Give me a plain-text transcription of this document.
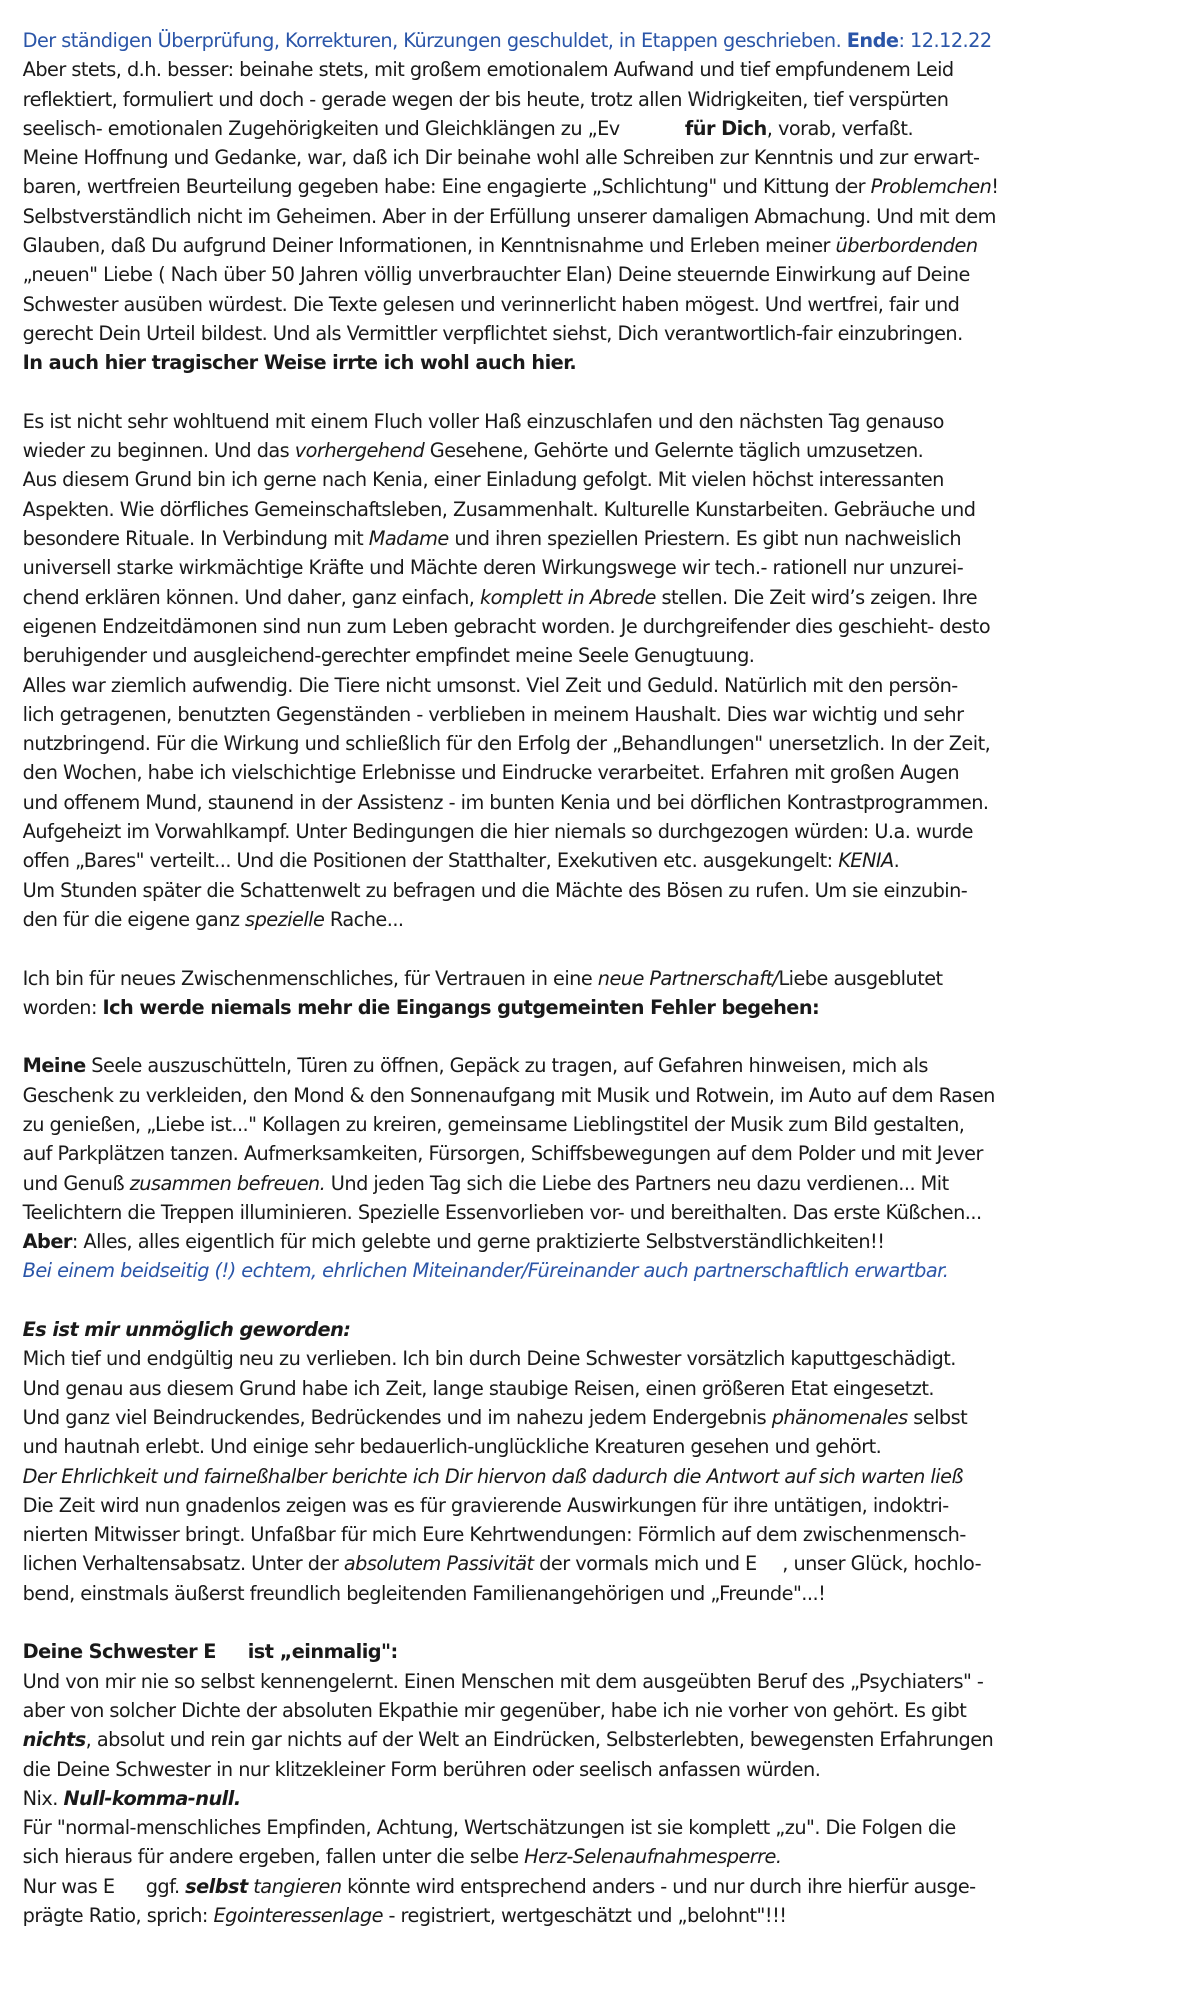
Der ständigen Überprüfung, Korrekturen, Kürzungen geschuldet, in Etappen geschrieben. Ende: 12.12.22
Aber stets, d.h. besser: beinahe stets, mit großem emotionalem Aufwand und tief empfundenem Leid
reflektiert, formuliert und doch - gerade wegen der bis heute, trotz allen Widrigkeiten, tief verspürten
seelisch- emotionalen Zugehörigkeiten und Gleichklängen zu „Ev	für Dich, vorab, verfaßt.
Meine Hoffnung und Gedanke, war, daß ich Dir beinahe wohl alle Schreiben zur Kenntnis und zur erwart-
baren, wertfreien Beurteilung gegeben habe: Eine engagierte „Schlichtung" und Kittung der Problemchen!
Selbstverständlich nicht im Geheimen. Aber in der Erfüllung unserer damaligen Abmachung. Und mit dem
Glauben, daß Du aufgrund Deiner Informationen, in Kenntnisnahme und Erleben meiner überbordenden
„neuen" Liebe ( Nach über 50 Jahren völlig unverbrauchter Elan) Deine steuernde Einwirkung auf Deine
Schwester ausüben würdest. Die Texte gelesen und verinnerlicht haben mögest. Und wertfrei, fair und
gerecht Dein Urteil bildest. Und als Vermittler verpflichtet siehst, Dich verantwortlich-fair einzubringen.
In auch hier tragischer Weise irrte ich wohl auch hier.
Es ist nicht sehr wohltuend mit einem Fluch voller Haß einzuschlafen und den nächsten Tag genauso
wieder zu beginnen. Und das vorhergehend Gesehene, Gehörte und Gelernte täglich umzusetzen.
Aus diesem Grund bin ich gerne nach Kenia, einer Einladung gefolgt. Mit vielen höchst interessanten
Aspekten. Wie dörfliches Gemeinschaftsleben, Zusammenhalt. Kulturelle Kunstarbeiten. Gebräuche und
besondere Rituale. In Verbindung mit Madame und ihren speziellen Priestern. Es gibt nun nachweislich
universell starke wirkmächtige Kräfte und Mächte deren Wirkungswege wir tech.- rationell nur unzurei-
chend erklären können. Und daher, ganz einfach, komplett in Abrede stellen. Die Zeit wird’s zeigen. Ihre
eigenen Endzeitdämonen sind nun zum Leben gebracht worden. Je durchgreifender dies geschieht- desto
beruhigender und ausgleichend-gerechter empfindet meine Seele Genugtuung.
Alles war ziemlich aufwendig. Die Tiere nicht umsonst. Viel Zeit und Geduld. Natürlich mit den persön-
lich getragenen, benutzten Gegenständen - verblieben in meinem Haushalt. Dies war wichtig und sehr
nutzbringend. Für die Wirkung und schließlich für den Erfolg der „Behandlungen" unersetzlich. In der Zeit,
den Wochen, habe ich vielschichtige Erlebnisse und Eindrucke verarbeitet. Erfahren mit großen Augen
und offenem Mund, staunend in der Assistenz - im bunten Kenia und bei dörflichen Kontrastprogrammen.
Aufgeheizt im Vorwahlkampf. Unter Bedingungen die hier niemals so durchgezogen würden: U.a. wurde
offen „Bares" verteilt... Und die Positionen der Statthalter, Exekutiven etc. ausgekungelt: KENIA.
Um Stunden später die Schattenwelt zu befragen und die Mächte des Bösen zu rufen. Um sie einzubin-
den für die eigene ganz spezielle Rache...
Ich bin für neues Zwischenmenschliches, für Vertrauen in eine neue Partnerschaft/Liebe ausgeblutet
worden: Ich werde niemals mehr die Eingangs gutgemeinten Fehler begehen:
Meine Seele auszuschütteln, Türen zu öffnen, Gepäck zu tragen, auf Gefahren hinweisen, mich als
Geschenk zu verkleiden, den Mond & den Sonnenaufgang mit Musik und Rotwein, im Auto auf dem Rasen
zu genießen, „Liebe ist..." Kollagen zu kreiren, gemeinsame Lieblingstitel der Musik zum Bild gestalten,
auf Parkplätzen tanzen. Aufmerksamkeiten, Fürsorgen, Schiffsbewegungen auf dem Polder und mit Jever
und Genuß zusammen befreuen. Und jeden Tag sich die Liebe des Partners neu dazu verdienen... Mit
Teelichtern die Treppen illuminieren. Spezielle Essenvorlieben vor- und bereithalten. Das erste Küßchen...
Aber: Alles, alles eigentlich für mich gelebte und gerne praktizierte Selbstverständlichkeiten!!
Bei einem beidseitig (!) echtem, ehrlichen Miteinander/Füreinander auch partnerschaftlich erwartbar.
Es ist mir unmöglich geworden:
Mich tief und endgültig neu zu verlieben. Ich bin durch Deine Schwester vorsätzlich kaputtgeschädigt.
Und genau aus diesem Grund habe ich Zeit, lange staubige Reisen, einen größeren Etat eingesetzt.
Und ganz viel Beindruckendes, Bedrückendes und im nahezu jedem Endergebnis phänomenales selbst
und hautnah erlebt. Und einige sehr bedauerlich-unglückliche Kreaturen gesehen und gehört.
Der Ehrlichkeit und fairneßhalber berichte ich Dir hiervon daß dadurch die Antwort auf sich warten ließ
Die Zeit wird nun gnadenlos zeigen was es für gravierende Auswirkungen für ihre untätigen, indoktri-
nierten Mitwisser bringt. Unfaßbar für mich Eure Kehrtwendungen: Förmlich auf dem zwischenmensch-
lichen Verhaltensabsatz. Unter der absolutem Passivität der vormals mich und E , unser Glück, hochlo-
bend, einstmals äußerst freundlich begleitenden Familienangehörigen und „Freunde"...!
Deine Schwester E ist „einmalig":
Und von mir nie so selbst kennengelernt. Einen Menschen mit dem ausgeübten Beruf des „Psychiaters" -
aber von solcher Dichte der absoluten Ekpathie mir gegenüber, habe ich nie vorher von gehört. Es gibt
nichts, absolut und rein gar nichts auf der Welt an Eindrücken, Selbsterlebten, bewegensten Erfahrungen
die Deine Schwester in nur klitzekleiner Form berühren oder seelisch anfassen würden.
Nix. Null-komma-null.
Für "normal-menschliches Empfinden, Achtung, Wertschätzungen ist sie komplett „zu". Die Folgen die
sich hieraus für andere ergeben, fallen unter die selbe Herz-Selenaufnahmesperre.
Nur was E ggf. selbst tangieren könnte wird entsprechend anders - und nur durch ihre hierfür ausge-
prägte Ratio, sprich: Egointeressenlage - registriert, wertgeschätzt und „belohnt"!!!
